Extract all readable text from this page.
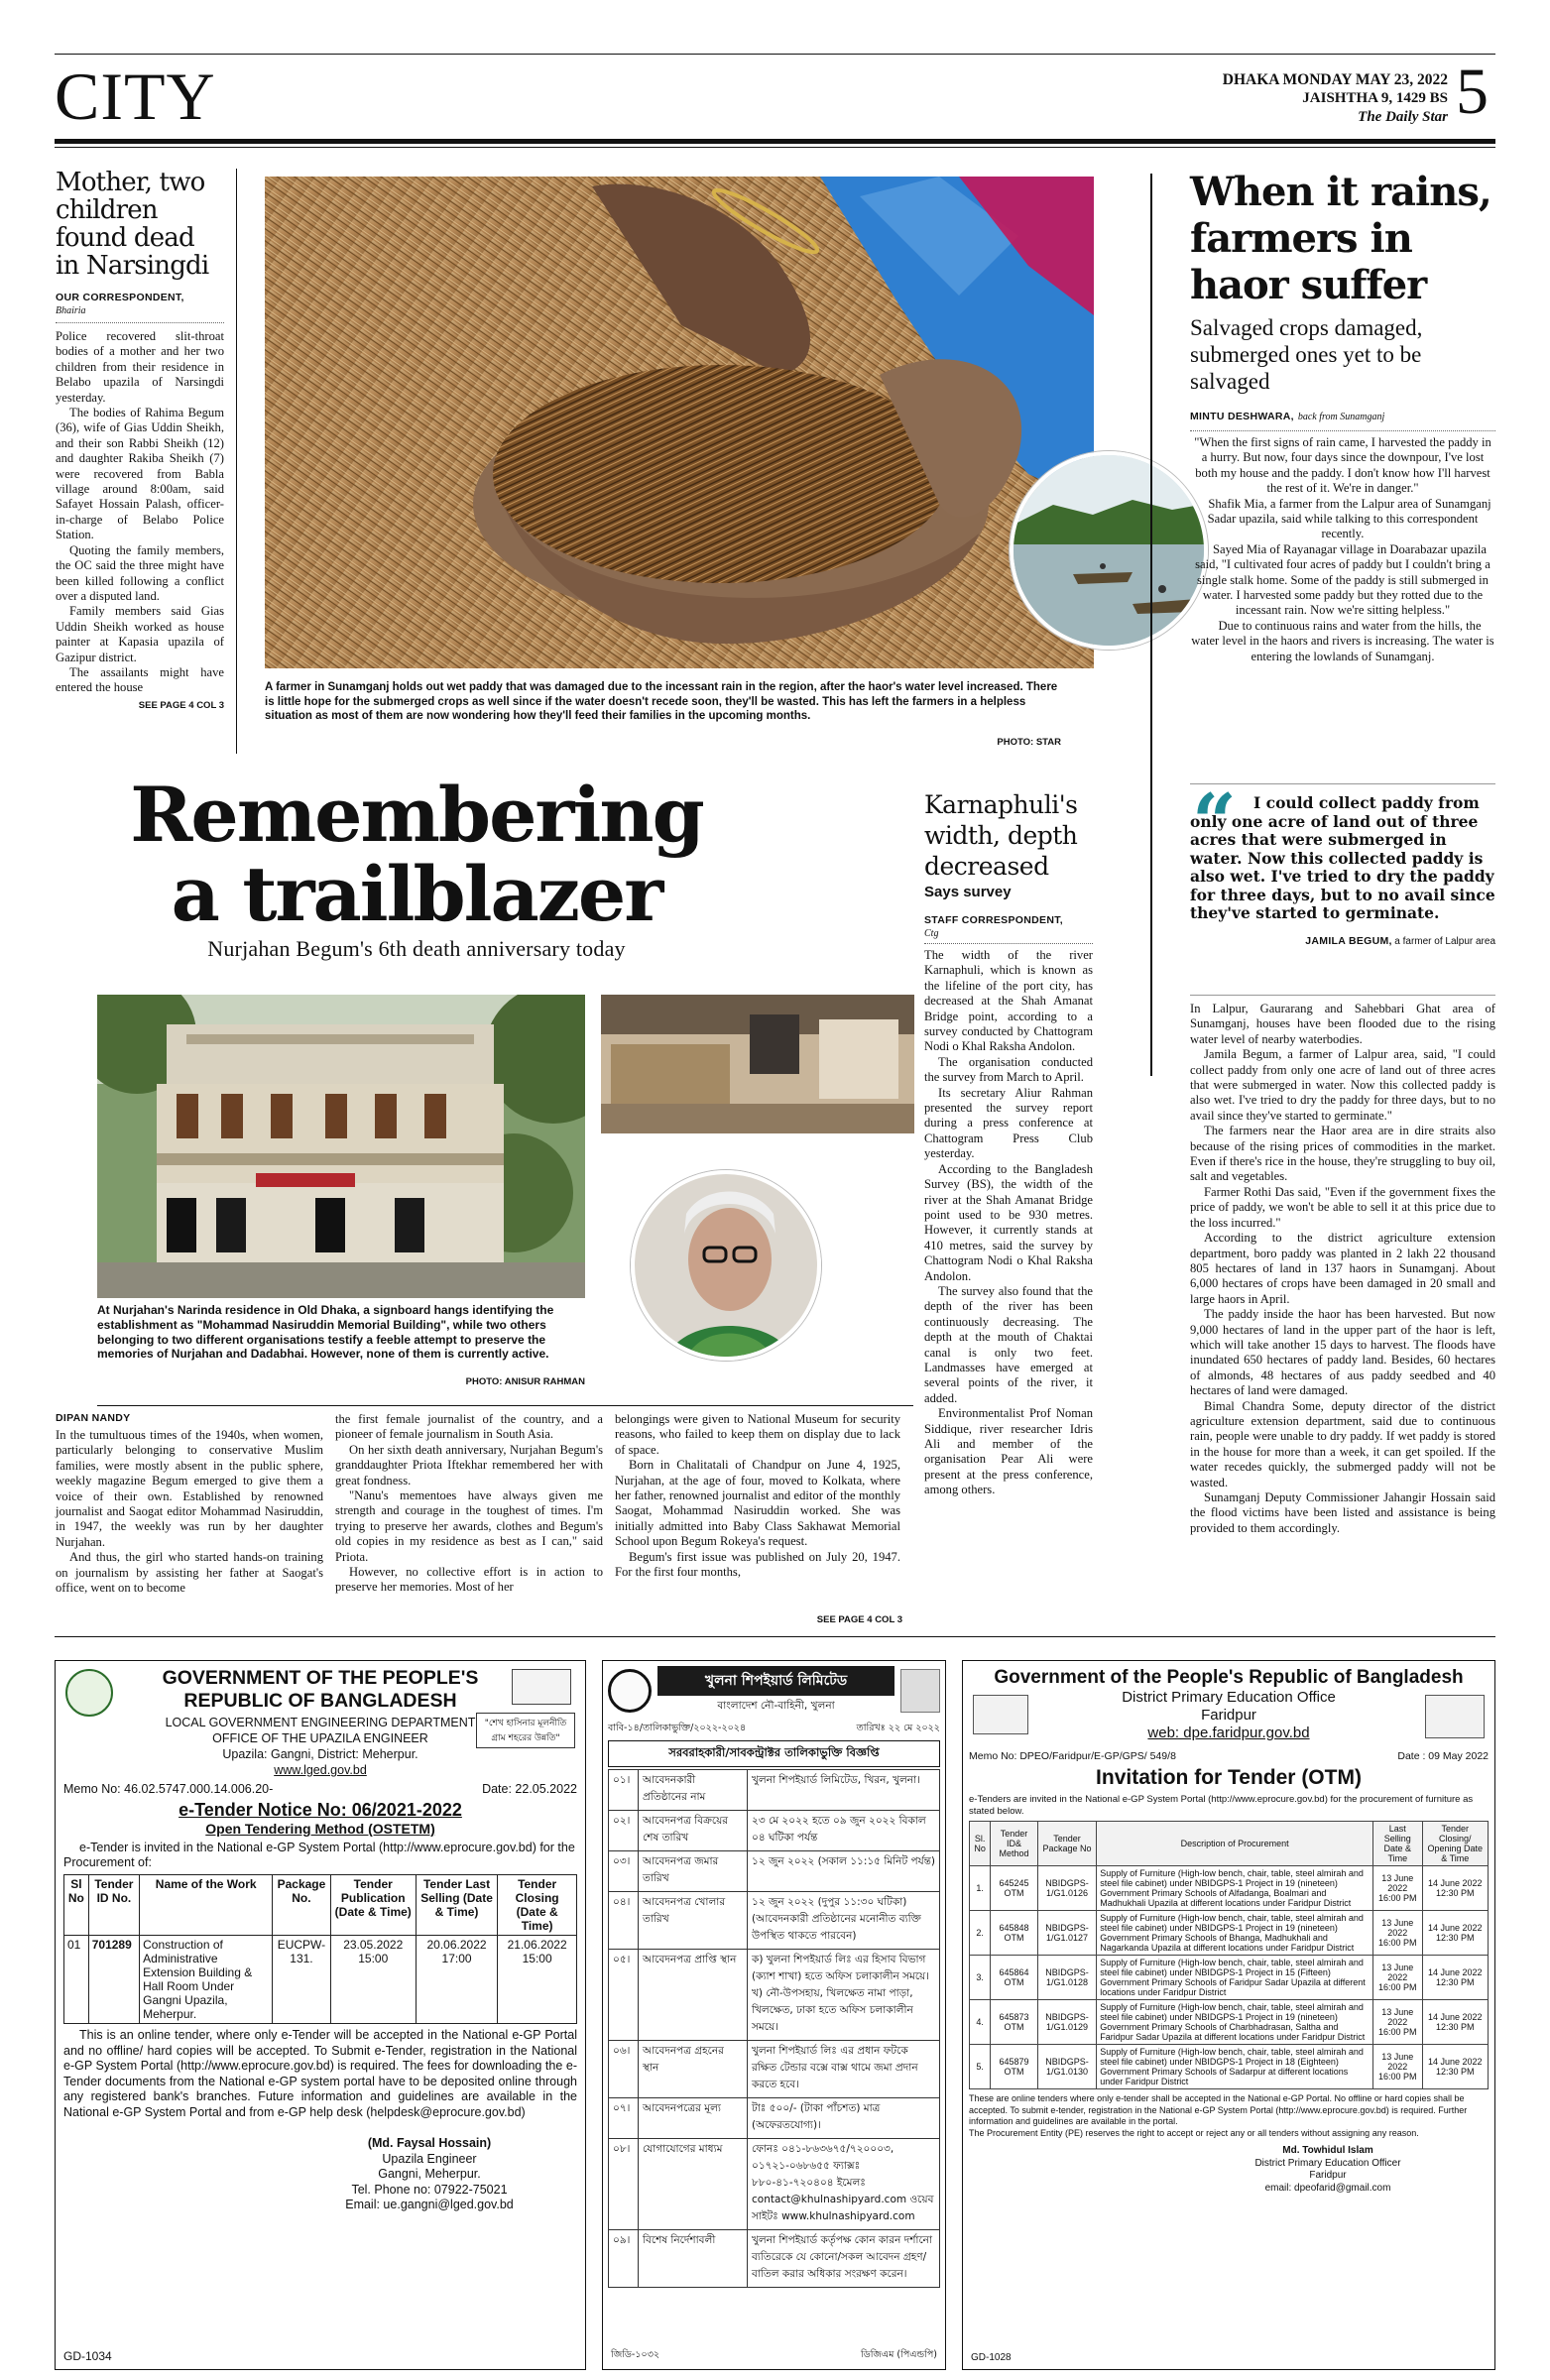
CITY	DHAKA MONDAY MAY 23, 2022
JAISHTHA 9, 1429 BS
The Daily Star 5
Mother, two children found dead in Narsingdi
OUR CORRESPONDENT,
Bhairia

Police recovered slit-throat bodies of a mother and her two children from their residence in Belabo upazila of Narsingdi yesterday.

The bodies of Rahima Begum (36), wife of Gias Uddin Sheikh, and their son Rabbi Sheikh (12) and daughter Rakiba Sheikh (7) were recovered from Babla village around 8:00am, said Safayet Hossain Palash, officer-in-charge of Belabo Police Station.

Quoting the family members, the OC said the three might have been killed following a conflict over a disputed land.

Family members said Gias Uddin Sheikh worked as house painter at Kapasia upazila of Gazipur district.

The assailants might have entered the house

SEE PAGE 4 COL 3
A farmer in Sunamganj holds out wet paddy that was damaged due to the incessant rain in the region, after the haor's water level increased. There is little hope for the submerged crops as well since if the water doesn't recede soon, they'll be wasted. This has left the farmers in a helpless situation as most of them are now wondering how they'll feed their families in the upcoming months.
PHOTO: STAR
When it rains, farmers in haor suffer
Salvaged crops damaged, submerged ones yet to be salvaged
MINTU DESHWARA, back from Sunamganj

"When the first signs of rain came, I harvested the paddy in a hurry. But now, four days since the downpour, I've lost both my house and the paddy. I don't know how I'll harvest the rest of it. We're in danger."

Shafik Mia, a farmer from the Lalpur area of Sunamganj Sadar upazila, said while talking to this correspondent recently.

Sayed Mia of Rayanagar village in Doarabazar upazila said, "I cultivated four acres of paddy but I couldn't bring a single stalk home. Some of the paddy is still submerged in water. I harvested some paddy but they rotted due to the incessant rain. Now we're sitting helpless."

Due to continuous rains and water from the hills, the water level in the haors and rivers is increasing. The water is entering the lowlands of Sunamganj.

“	I could collect paddy from only one acre of land out of three acres that were submerged in water. Now this collected paddy is also wet. I've tried to dry the paddy for three days, but to no avail since they've started to germinate.
JAMILA BEGUM, a farmer of Lalpur area

In Lalpur, Gaurarang and Sahebbari Ghat area of Sunamganj, houses have been flooded due to the rising water level of nearby waterbodies.

Jamila Begum, a farmer of Lalpur area, said, "I could collect paddy from only one acre of land out of three acres that were submerged in water. Now this collected paddy is also wet. I've tried to dry the paddy for three days, but to no avail since they've started to germinate."

The farmers near the Haor area are in dire straits also because of the rising prices of commodities in the market. Even if there's rice in the house, they're struggling to buy oil, salt and vegetables.

Farmer Rothi Das said, "Even if the government fixes the price of paddy, we won't be able to sell it at this price due to the loss incurred."

According to the district agriculture extension department, boro paddy was planted in 2 lakh 22 thousand 805 hectares of land in 137 haors in Sunamganj. About 6,000 hectares of crops have been damaged in 20 small and large haors in April.

The paddy inside the haor has been harvested. But now 9,000 hectares of land in the upper part of the haor is left, which will take another 15 days to harvest. The floods have inundated 650 hectares of paddy land. Besides, 60 hectares of almonds, 48 hectares of aus paddy seedbed and 40 hectares of land were damaged.

Bimal Chandra Some, deputy director of the district agriculture extension department, said due to continuous rain, people were unable to dry paddy. If wet paddy is stored in the house for more than a week, it can get spoiled. If the water recedes quickly, the submerged paddy will not be wasted.

Sunamganj Deputy Commissioner Jahangir Hossain said the flood victims have been listed and assistance is being provided to them accordingly.

Remembering
a trailblazer
Nurjahan Begum's 6th death anniversary today
At Nurjahan's Narinda residence in Old Dhaka, a signboard hangs identifying the establishment as "Mohammad Nasiruddin Memorial Building", while two others belonging to two different organisations testify a feeble attempt to preserve the memories of Nurjahan and Dadabhai. However, none of them is currently active.
PHOTO: ANISUR RAHMAN
DIPAN NANDY

In the tumultuous times of the 1940s, when women, particularly belonging to conservative Muslim families, were mostly absent in the public sphere, weekly magazine Begum emerged to give them a voice of their own. Established by renowned journalist and Saogat editor Mohammad Nasiruddin, in 1947, the weekly was run by her daughter Nurjahan.

And thus, the girl who started hands-on training on journalism by assisting her father at Saogat's office, went on to become

the first female journalist of the country, and a pioneer of female journalism in South Asia.

On her sixth death anniversary, Nurjahan Begum's granddaughter Priota Iftekhar remembered her with great fondness.

"Nanu's mementoes have always given me strength and courage in the toughest of times. I'm trying to preserve her awards, clothes and Begum's old copies in my residence as best as I can," said Priota.

However, no collective effort is in action to preserve her memories. Most of her

belongings were given to National Museum for security reasons, who failed to keep them on display due to lack of space.

Born in Chalitatali of Chandpur on June 4, 1925, Nurjahan, at the age of four, moved to Kolkata, where her father, renowned journalist and editor of the monthly Saogat, Mohammad Nasiruddin worked. She was initially admitted into Baby Class Sakhawat Memorial School upon Begum Rokeya's request.

Begum's first issue was published on July 20, 1947. For the first four months,

SEE PAGE 4 COL 3
Karnaphuli's width, depth decreased
Says survey
STAFF CORRESPONDENT,
Ctg

The width of the river Karnaphuli, which is known as the lifeline of the port city, has decreased at the Shah Amanat Bridge point, according to a survey conducted by Chattogram Nodi o Khal Raksha Andolon.

The organisation conducted the survey from March to April.

Its secretary Aliur Rahman presented the survey report during a press conference at Chattogram Press Club yesterday.

According to the Bangladesh Survey (BS), the width of the river at the Shah Amanat Bridge point used to be 930 metres. However, it currently stands at 410 metres, said the survey by Chattogram Nodi o Khal Raksha Andolon.

The survey also found that the depth of the river has been continuously decreasing. The depth at the mouth of Chaktai canal is only two feet. Landmasses have emerged at several points of the river, it added.

Environmentalist Prof Noman Siddique, river researcher Idris Ali and member of the organisation Pear Ali were present at the press conference, among others.

GOVERNMENT OF THE PEOPLE'S
REPUBLIC OF BANGLADESH
LOCAL GOVERNMENT ENGINEERING DEPARTMENT
OFFICE OF THE UPAZILA ENGINEER
Upazila: Gangni, District: Meherpur.
www.lged.gov.bd
"শেখ হাসিনার মূলনীতি গ্রাম শহরের উন্নতি"
Memo No: 46.02.5747.000.14.006.20-	Date: 22.05.2022
e-Tender Notice No: 06/2021-2022
Open Tendering Method (OSTETM)
e-Tender is invited in the National e-GP System Portal (http://www.eprocure.gov.bd) for the Procurement of:
Sl No	Tender ID No.	Name of the Work	Package No.	Tender Publication (Date & Time)	Tender Last Selling (Date & Time)	Tender Closing (Date & Time)
01	701289	Construction of Administrative Extension Building & Hall Room Under Gangni Upazila, Meherpur.	EUCPW-131.	23.05.2022 15:00	20.06.2022 17:00	21.06.2022 15:00
This is an online tender, where only e-Tender will be accepted in the National e-GP Portal and no offline/ hard copies will be accepted. To Submit e-Tender, registration in the National e-GP System Portal (http://www.eprocure.gov.bd) is required. The fees for downloading the e-Tender documents from the National e-GP system portal have to be deposited online through any registered bank's branches. Future information and guidelines are available in the National e-GP System Portal and from e-GP help desk (helpdesk@eprocure.gov.bd)
(Md. Faysal Hossain)
Upazila Engineer
Gangni, Meherpur.
Tel. Phone no: 07922-75021
Email: ue.gangni@lged.gov.bd
GD-1034
খুলনা শিপইয়ার্ড লিমিটেড
বাংলাদেশ নৌ-বাহিনী, খুলনা
বাবি-১৪/তালিকাভুক্তি/২০২২-২০২৪	তারিখঃ ২২ মে ২০২২
সরবরাহকারী/সাবকন্ট্রাক্টর তালিকাভুক্তি বিজ্ঞপ্তি
০১।	আবেদনকারী প্রতিষ্ঠানের নাম	খুলনা শিপইয়ার্ড লিমিটেড, খিরন, খুলনা।
০২।	আবেদনপত্র বিক্রয়ের শেষ তারিখ	২৩ মে ২০২২ হতে ০৯ জুন ২০২২ বিকাল ০৪ ঘটিকা পর্যন্ত
০৩।	আবেদনপত্র জমার তারিখ	১২ জুন ২০২২ (সকাল ১১:১৫ মিনিট পর্যন্ত)
০৪।	আবেদনপত্র খোলার তারিখ	১২ জুন ২০২২ (দুপুর ১১:৩০ ঘটিকা) (আবেদনকারী প্রতিষ্ঠানের মনোনীত ব্যক্তি উপস্থিত থাকতে পারবেন)
০৫।	আবেদনপত্র প্রাপ্তি স্থান	ক) খুলনা শিপইয়ার্ড লিঃ এর হিসাব বিভাগ (ক্যাশ শাখা) হতে অফিস চলাকালীন সময়ে। খ) নৌ-উপসহায়, খিলক্ষেত নামা পাড়া, খিলক্ষেত, ঢাকা হতে অফিস চলাকালীন সময়ে।
০৬।	আবেদনপত্র গ্রহনের স্থান	খুলনা শিপইয়ার্ড লিঃ এর প্রধান ফটকে রক্ষিত টেন্ডার বক্সে বাক্স থামে জমা প্রদান করতে হবে।
০৭।	আবেদনপত্রের মূল্য	টাঃ ৫০০/- (টাকা পাঁচশত) মাত্র (অফেরতযোগ্য)।
০৮।	যোগাযোগের মাধ্যম	ফোনঃ ০৪১-৮৬৩৬৭৫/৭২০০০৩, ০১৭২১-০৬৮৬৫৫ ফ্যাক্সঃ ৮৮০-৪১-৭২০৪০৪ ইমেলঃ contact@khulnashipyard.com ওয়েব সাইটঃ www.khulnashipyard.com
০৯।	বিশেষ নির্দেশাবলী	খুলনা শিপইয়ার্ড কর্তৃপক্ষ কোন কারন দর্শানো ব্যতিরেকে যে কোনো/সকল আবেদন গ্রহণ/বাতিল করার অধিকার সংরক্ষণ করেন।
জিডি-১০৩২	ডিজিএম (পিএন্ডপি)
Government of the People's Republic of Bangladesh
District Primary Education Office
Faridpur
web: dpe.faridpur.gov.bd
Memo No: DPEO/Faridpur/E-GP/GPS/ 549/8	Date : 09 May 2022
Invitation for Tender (OTM)
e-Tenders are invited in the National e-GP System Portal (http://www.eprocure.gov.bd) for the procurement of furniture as stated below.
Sl. No	Tender ID& Method	Tender Package No	Description of Procurement	Last Selling Date & Time	Tender Closing/ Opening Date & Time
1.	645245 OTM	NBIDGPS-1/G1.0126	Supply of Furniture (High-low bench, chair, table, steel almirah and steel file cabinet) under NBIDGPS-1 Project in 19 (nineteen) Government Primary Schools of Alfadanga, Boalmari and Madhukhali Upazila at different locations under Faridpur District	13 June 2022 16:00 PM	14 June 2022 12:30 PM
2.	645848 OTM	NBIDGPS-1/G1.0127	Supply of Furniture (High-low bench, chair, table, steel almirah and steel file cabinet) under NBIDGPS-1 Project in 19 (nineteen) Government Primary Schools of Bhanga, Madhukhali and Nagarkanda Upazila at different locations under Faridpur District	13 June 2022 16:00 PM	14 June 2022 12:30 PM
3.	645864 OTM	NBIDGPS-1/G1.0128	Supply of Furniture (High-low bench, chair, table, steel almirah and steel file cabinet) under NBIDGPS-1 Project in 15 (Fifteen) Government Primary Schools of Faridpur Sadar Upazila at different locations under Faridpur District	13 June 2022 16:00 PM	14 June 2022 12:30 PM
4.	645873 OTM	NBIDGPS-1/G1.0129	Supply of Furniture (High-low bench, chair, table, steel almirah and steel file cabinet) under NBIDGPS-1 Project in 19 (nineteen) Government Primary Schools of Charbhadrasan, Saltha and Faridpur Sadar Upazila at different locations under Faridpur District	13 June 2022 16:00 PM	14 June 2022 12:30 PM
5.	645879 OTM	NBIDGPS-1/G1.0130	Supply of Furniture (High-low bench, chair, table, steel almirah and steel file cabinet) under NBIDGPS-1 Project in 18 (Eighteen) Government Primary Schools of Sadarpur at different locations under Faridpur District	13 June 2022 16:00 PM	14 June 2022 12:30 PM
These are online tenders where only e-tender shall be accepted in the National e-GP Portal. No offline or hard copies shall be accepted. To submit e-tender, registration in the National e-GP System Portal (http://www.eprocure.gov.bd) is required. Further information and guidelines are available in the portal.
The Procurement Entity (PE) reserves the right to accept or reject any or all tenders without assigning any reason.
Md. Towhidul Islam
District Primary Education Officer
Faridpur
email: dpeofarid@gmail.com
GD-1028
